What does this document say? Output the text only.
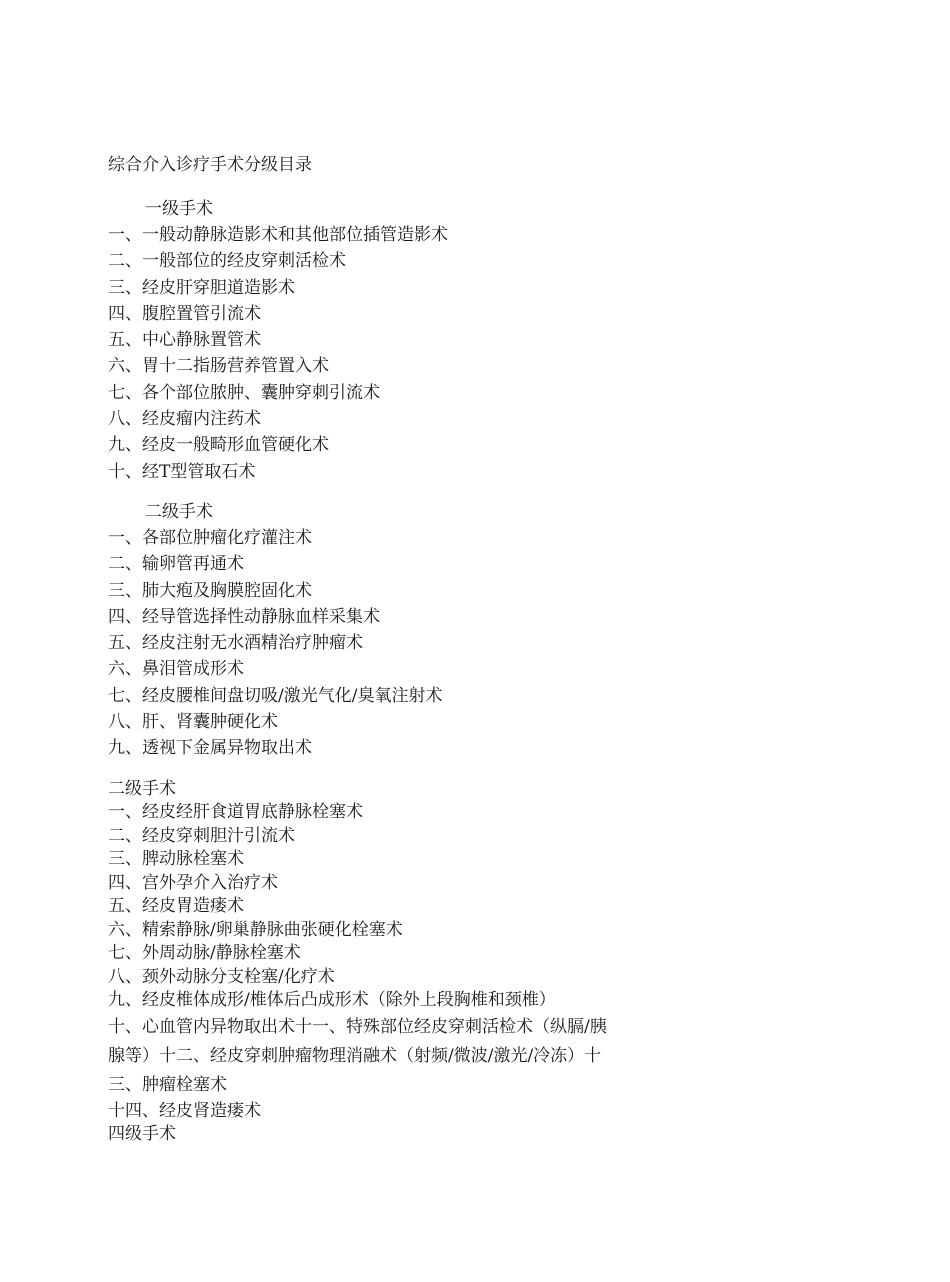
综合介入诊疗手术分级目录

一级手术

一、一般动静脉造影术和其他部位插管造影术
二、一般部位的经皮穿刺活检术
三、经皮肝穿胆道造影术
四、腹腔置管引流术
五、中心静脉置管术
六、胃十二指肠营养管置入术
七、各个部位脓肿、囊肿穿刺引流术
八、经皮瘤内注药术
九、经皮一般畸形血管硬化术
十、经T型管取石术

二级手术

一、各部位肿瘤化疗灌注术
二、输卵管再通术
三、肺大疱及胸膜腔固化术
四、经导管选择性动静脉血样采集术
五、经皮注射无水酒精治疗肿瘤术
六、鼻泪管成形术
七、经皮腰椎间盘切吸/激光气化/臭氧注射术
八、肝、肾囊肿硬化术
九、透视下金属异物取出术

二级手术

一、经皮经肝食道胃底静脉栓塞术
二、经皮穿刺胆汁引流术
三、脾动脉栓塞术
四、宫外孕介入治疗术
五、经皮胃造瘘术
六、精索静脉/卵巢静脉曲张硬化栓塞术
七、外周动脉/静脉栓塞术
八、颈外动脉分支栓塞/化疗术
九、经皮椎体成形/椎体后凸成形术（除外上段胸椎和颈椎）

十、心血管内异物取出术十一、特殊部位经皮穿刺活检术（纵膈/胰腺等）十二、经皮穿刺肿瘤物理消融术（射频/微波/激光/冷冻）十三、肿瘤栓塞术

十四、经皮肾造瘘术

四级手术
